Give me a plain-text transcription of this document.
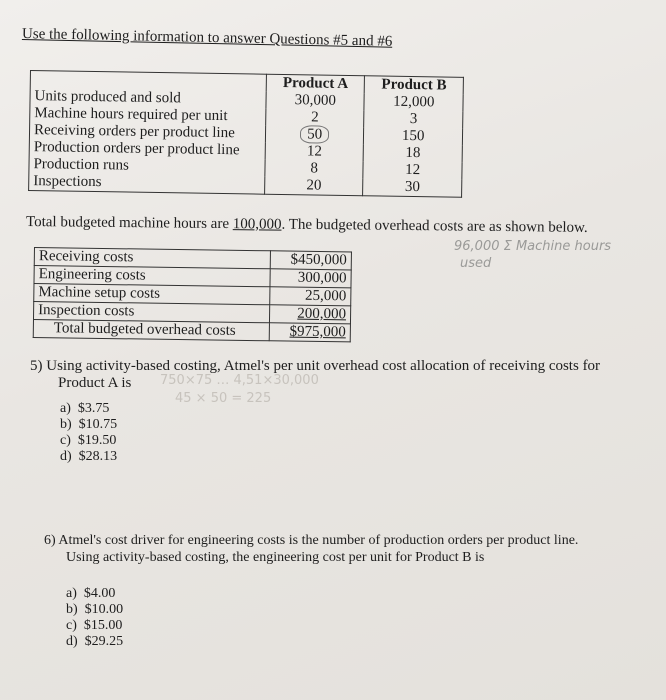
Use the following information to answer Questions #5 and #6
	Product A	Product B
Units produced and sold	30,000	12,000
Machine hours required per unit	2	3
Receiving orders per product line	50	150
Production orders per product line	12	18
Production runs	8	12
Inspections	20	30
Total budgeted machine hours are 100,000. The budgeted overhead costs are as shown below.
96,000 Σ Machine hours
used
Receiving costs	$450,000
Engineering costs	300,000
Machine setup costs	25,000
Inspection costs	200,000
Total budgeted overhead costs	$975,000
5) Using activity-based costing, Atmel's per unit overhead cost allocation of receiving costs for
Product A is 750×75 … 4,51×30,000
45 × 50 = 225
a) $3.75
b) $10.75
c) $19.50
d) $28.13
6) Atmel's cost driver for engineering costs is the number of production orders per product line.
Using activity-based costing, the engineering cost per unit for Product B is
a) $4.00
b) $10.00
c) $15.00
d) $29.25
